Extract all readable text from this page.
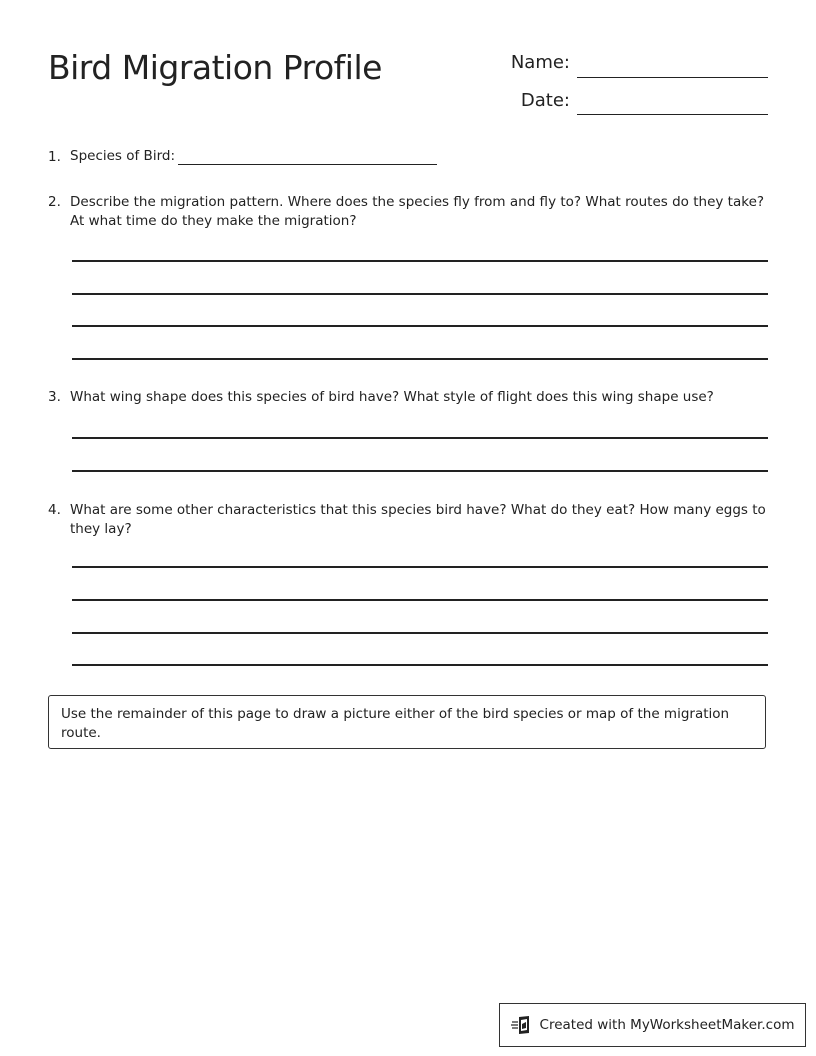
Bird Migration Profile	Name:
Date:
1. Species of Bird:
2. Describe the migration pattern. Where does the species fly from and fly to? What routes do they take? At what time do they make the migration?
3. What wing shape does this species of bird have? What style of flight does this wing shape use?
4. What are some other characteristics that this species bird have? What do they eat? How many eggs to they lay?
Use the remainder of this page to draw a picture either of the bird species or map of the migration route.
Created with MyWorksheetMaker.com
